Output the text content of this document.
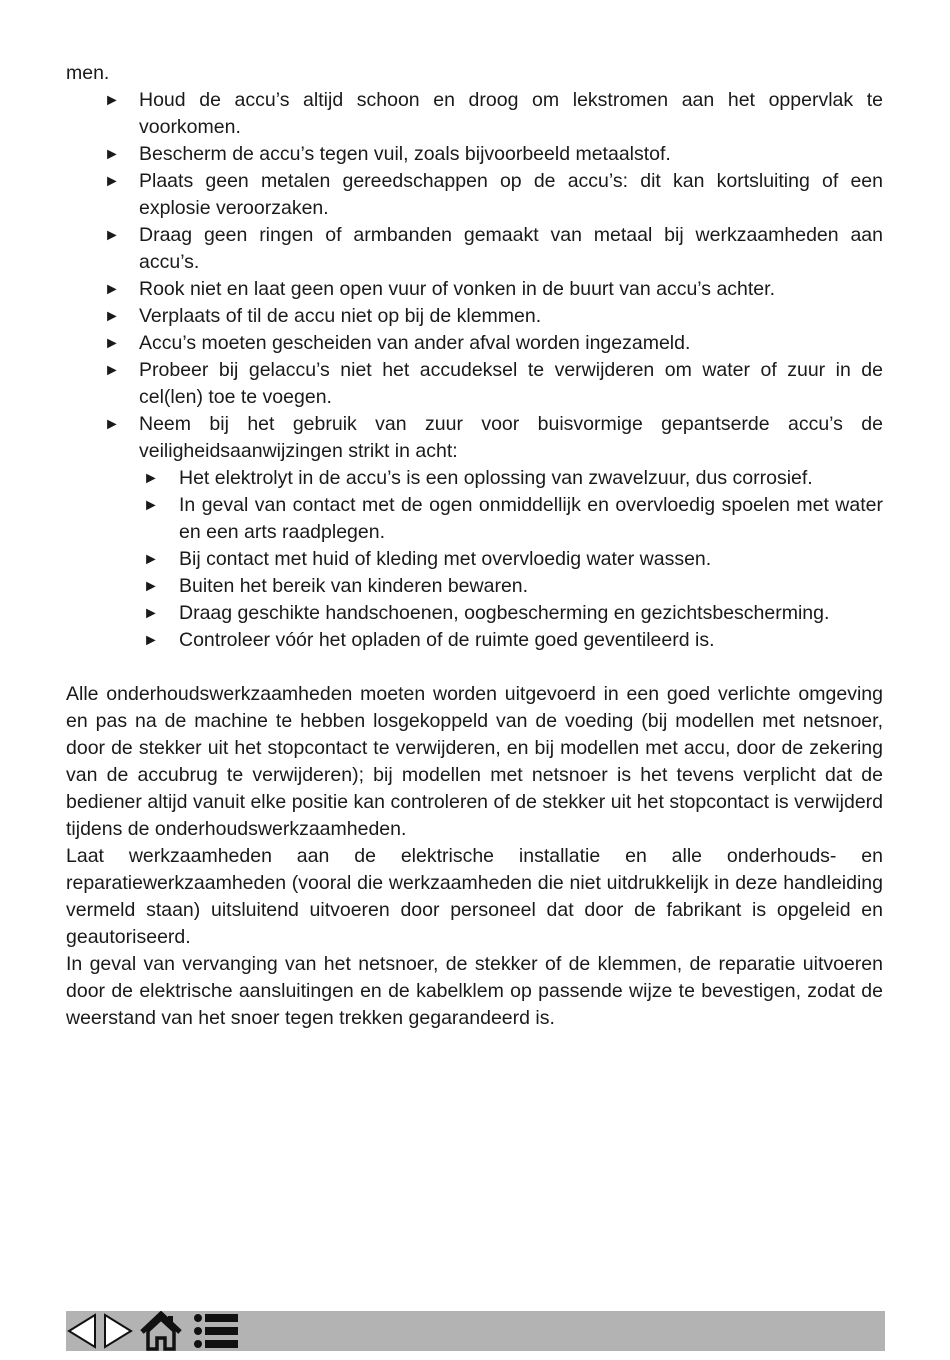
men.

► Houd de accu’s altijd schoon en droog om lekstromen aan het oppervlak te voorkomen.
► Bescherm de accu’s tegen vuil, zoals bijvoorbeeld metaalstof.
► Plaats geen metalen gereedschappen op de accu’s: dit kan kortsluiting of een explosie veroorzaken.
► Draag geen ringen of armbanden gemaakt van metaal bij werkzaamheden aan accu’s.
► Rook niet en laat geen open vuur of vonken in de buurt van accu’s achter.
► Verplaats of til de accu niet op bij de klemmen.
► Accu’s moeten gescheiden van ander afval worden ingezameld.
► Probeer bij gelaccu’s niet het accudeksel te verwijderen om water of zuur in de cel(len) toe te voegen.
► Neem bij het gebruik van zuur voor buisvormige gepantserde accu’s de veiligheidsaanwijzingen strikt in acht:
► Het elektrolyt in de accu’s is een oplossing van zwavelzuur, dus corrosief.
► In geval van contact met de ogen onmiddellijk en overvloedig spoelen met water en een arts raadplegen.
► Bij contact met huid of kleding met overvloedig water wassen.
► Buiten het bereik van kinderen bewaren.
► Draag geschikte handschoenen, oogbescherming en gezichtsbescherming.
► Controleer vóór het opladen of de ruimte goed geventileerd is.

Alle onderhoudswerkzaamheden moeten worden uitgevoerd in een goed verlichte omgeving en pas na de machine te hebben losgekoppeld van de voeding (bij modellen met netsnoer, door de stekker uit het stopcontact te verwijderen, en bij modellen met accu, door de zekering van de accubrug te verwijderen); bij modellen met netsnoer is het tevens verplicht dat de bediener altijd vanuit elke positie kan controleren of de stekker uit het stopcontact is verwijderd tijdens de onderhoudswerkzaamheden.

Laat werkzaamheden aan de elektrische installatie en alle onderhouds- en reparatiewerkzaamheden (vooral die werkzaamheden die niet uitdrukkelijk in deze handleiding vermeld staan) uitsluitend uitvoeren door personeel dat door de fabrikant is opgeleid en geautoriseerd.

In geval van vervanging van het netsnoer, de stekker of de klemmen, de reparatie uitvoeren door de elektrische aansluitingen en de kabelklem op passende wijze te bevestigen, zodat de weerstand van het snoer tegen trekken gegarandeerd is.
